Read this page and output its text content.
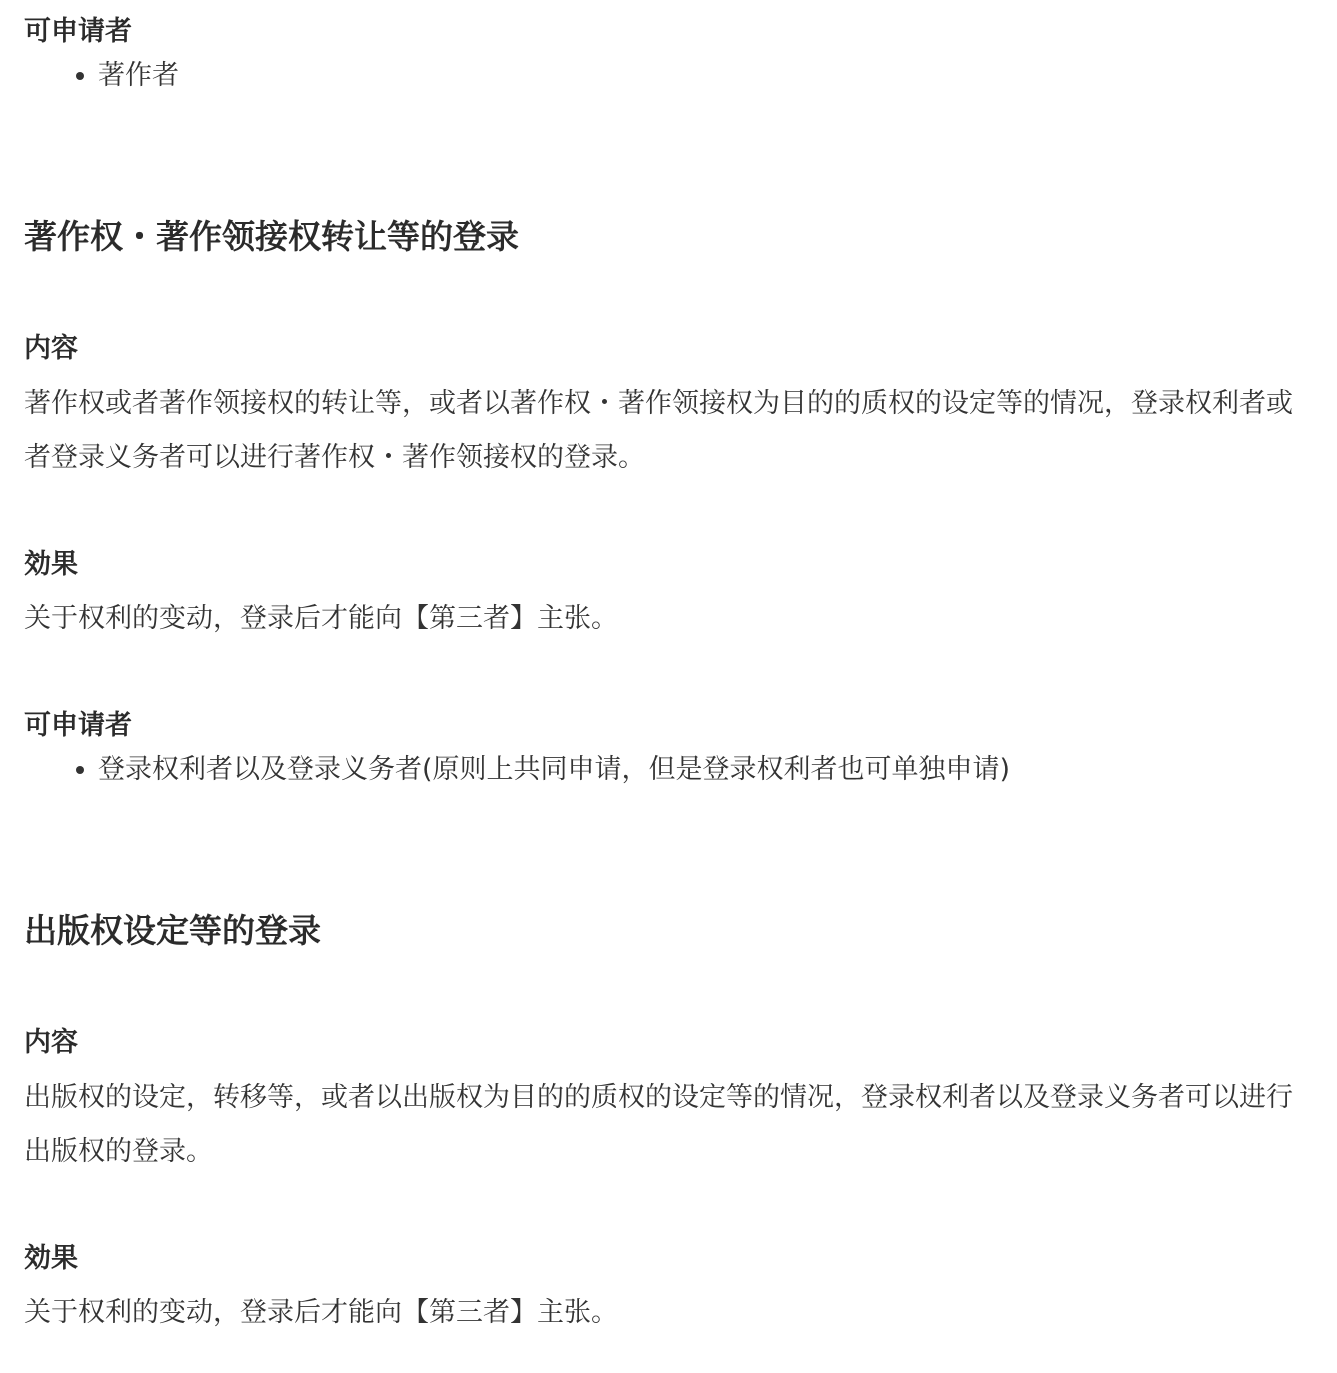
可申请者

著作者
著作权・著作领接权转让等的登录

内容

著作权或者著作领接权的转让等，或者以著作权・著作领接权为目的的质权的设定等的情况，登录权利者或者登录义务者可以进行著作权・著作领接权的登录。

効果

关于权利的变动，登录后才能向【第三者】主张。

可申请者

登录权利者以及登录义务者(原则上共同申请，但是登录权利者也可单独申请)
出版权设定等的登录

内容

出版权的设定，转移等，或者以出版权为目的的质权的设定等的情况，登录权利者以及登录义务者可以进行出版权的登录。

効果

关于权利的变动，登录后才能向【第三者】主张。
